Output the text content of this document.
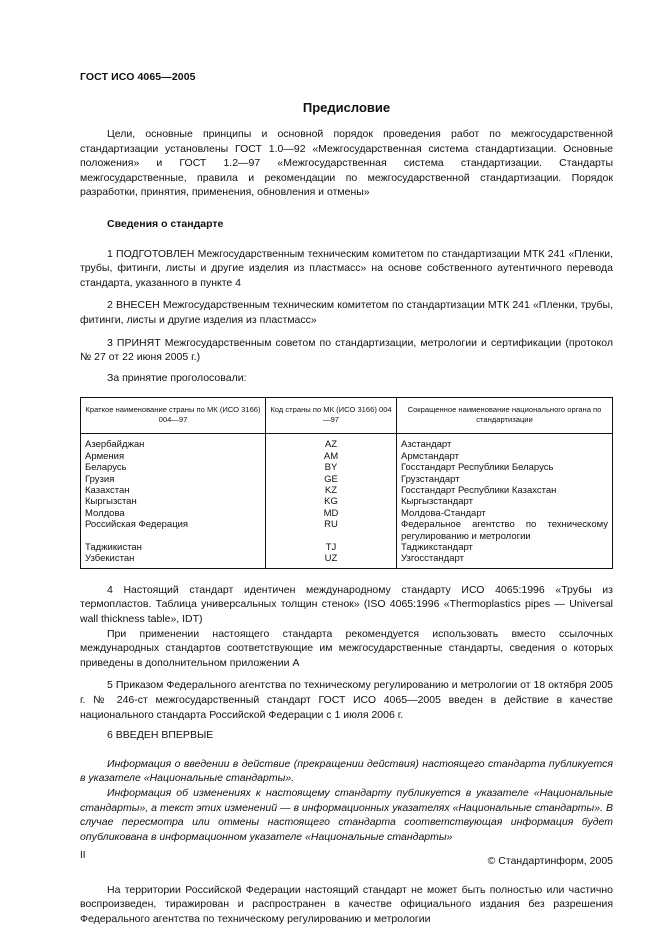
ГОСТ ИСО 4065—2005
Предисловие

Цели, основные принципы и основной порядок проведения работ по межгосударственной стандартизации установлены ГОСТ 1.0—92 «Межгосударственная система стандартизации. Основные положения» и ГОСТ 1.2—97 «Межгосударственная система стандартизации. Стандарты межгосударственные, правила и рекомендации по межгосударственной стандартизации. Порядок разработки, принятия, применения, обновления и отмены»

Сведения о стандарте

1 ПОДГОТОВЛЕН Межгосударственным техническим комитетом по стандартизации МТК 241 «Пленки, трубы, фитинги, листы и другие изделия из пластмасс» на основе собственного аутентичного перевода стандарта, указанного в пункте 4

2 ВНЕСЕН Межгосударственным техническим комитетом по стандартизации МТК 241 «Пленки, трубы, фитинги, листы и другие изделия из пластмасс»

3 ПРИНЯТ Межгосударственным советом по стандартизации, метрологии и сертификации (протокол № 27 от 22 июня 2005 г.)

За принятие проголосовали:

Краткое наименование страны по МК (ИСО 3166) 004—97	Код страны по МК (ИСО 3166) 004—97	Сокращенное наименование национального органа по стандартизации
Азербайджан	AZ	Азстандарт
Армения	AM	Армстандарт
Беларусь	BY	Госстандарт Республики Беларусь
Грузия	GE	Грузстандарт
Казахстан	KZ	Госстандарт Республики Казахстан
Кыргызстан	KG	Кыргызстандарт
Молдова	MD	Молдова-Стандарт
Российская Федерация	RU	Федеральное агентство по техническому регулированию и метрологии
Таджикистан	TJ	Таджикстандарт
Узбекистан	UZ	Узгосстандарт

4 Настоящий стандарт идентичен международному стандарту ИСО 4065:1996 «Трубы из термопластов. Таблица универсальных толщин стенок» (ISO 4065:1996 «Thermoplastics pipes — Universal wall thickness table», IDT)

При применении настоящего стандарта рекомендуется использовать вместо ссылочных международных стандартов соответствующие им межгосударственные стандарты, сведения о которых приведены в дополнительном приложении А

5 Приказом Федерального агентства по техническому регулированию и метрологии от 18 октября 2005 г. № 246-ст межгосударственный стандарт ГОСТ ИСО 4065—2005 введен в действие в качестве национального стандарта Российской Федерации с 1 июля 2006 г.

6 ВВЕДЕН ВПЕРВЫЕ

Информация о введении в действие (прекращении действия) настоящего стандарта публикуется в указателе «Национальные стандарты».

Информация об изменениях к настоящему стандарту публикуется в указателе «Национальные стандарты», а текст этих изменений — в информационных указателях «Национальные стандарты». В случае пересмотра или отмены настоящего стандарта соответствующая информация будет опубликована в информационном указателе «Национальные стандарты»

© Стандартинформ, 2005

На территории Российской Федерации настоящий стандарт не может быть полностью или частично воспроизведен, тиражирован и распространен в качестве официального издания без разрешения Федерального агентства по техническому регулированию и метрологии

II
